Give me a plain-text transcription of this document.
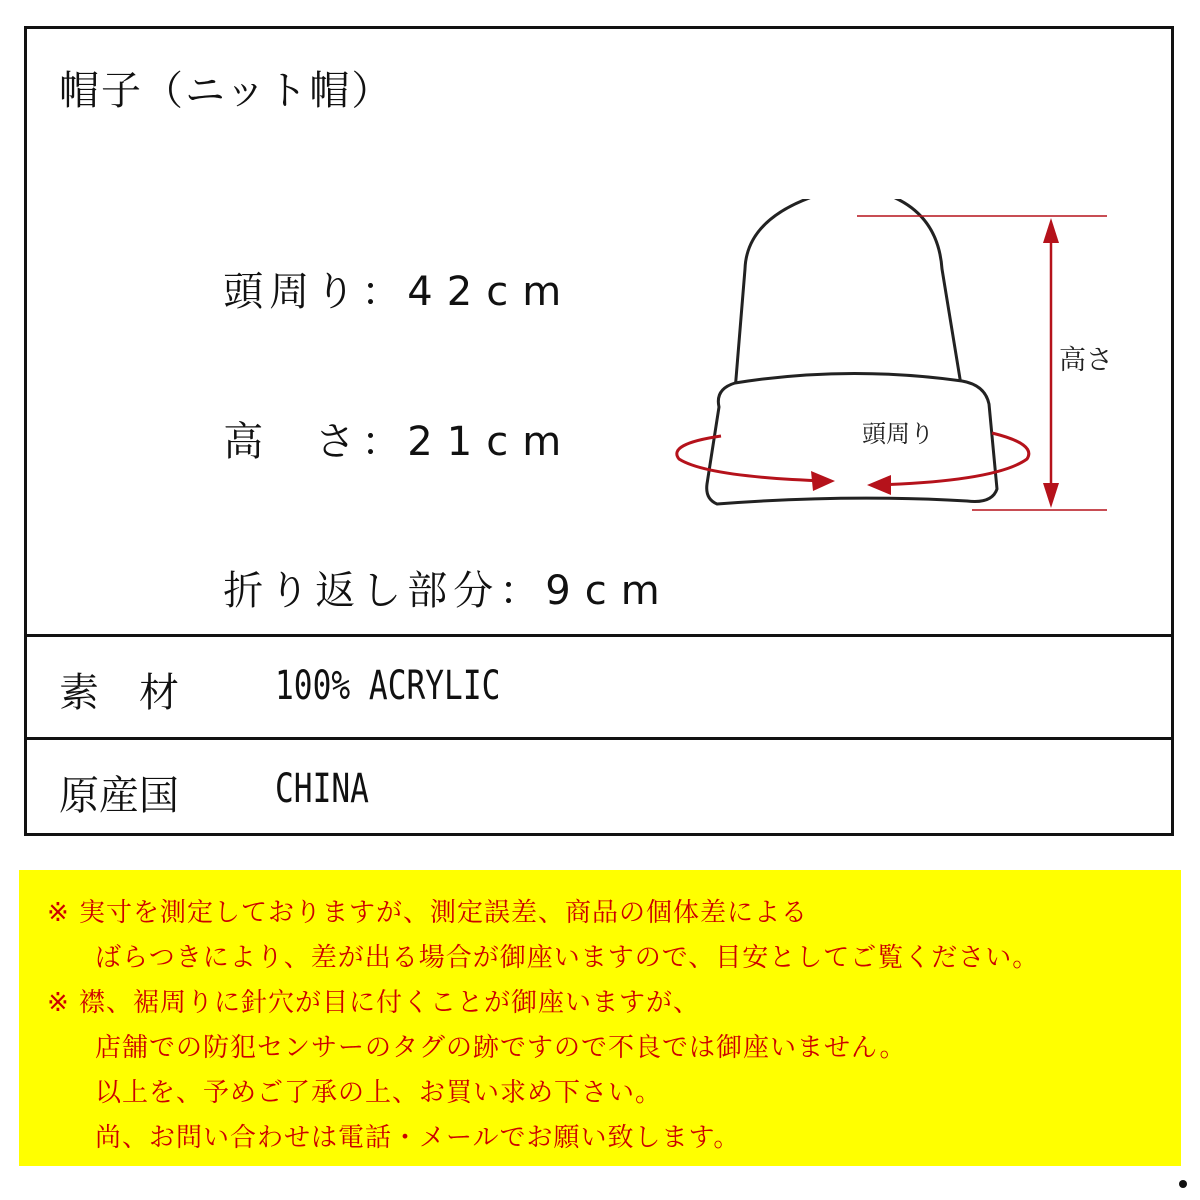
帽子（ニット帽）

頭周り：42cm

高　さ：21cm

折り返し部分：9cm

高さ
頭周り
素　材 100% ACRYLIC
原産国 CHINA
※ 実寸を測定しておりますが、測定誤差、商品の個体差による
ばらつきにより、差が出る場合が御座いますので、目安としてご覧ください。
※ 襟、裾周りに針穴が目に付くことが御座いますが、
店舗での防犯センサーのタグの跡ですので不良では御座いません。
以上を、予めご了承の上、お買い求め下さい。
尚、お問い合わせは電話・メールでお願い致します。
